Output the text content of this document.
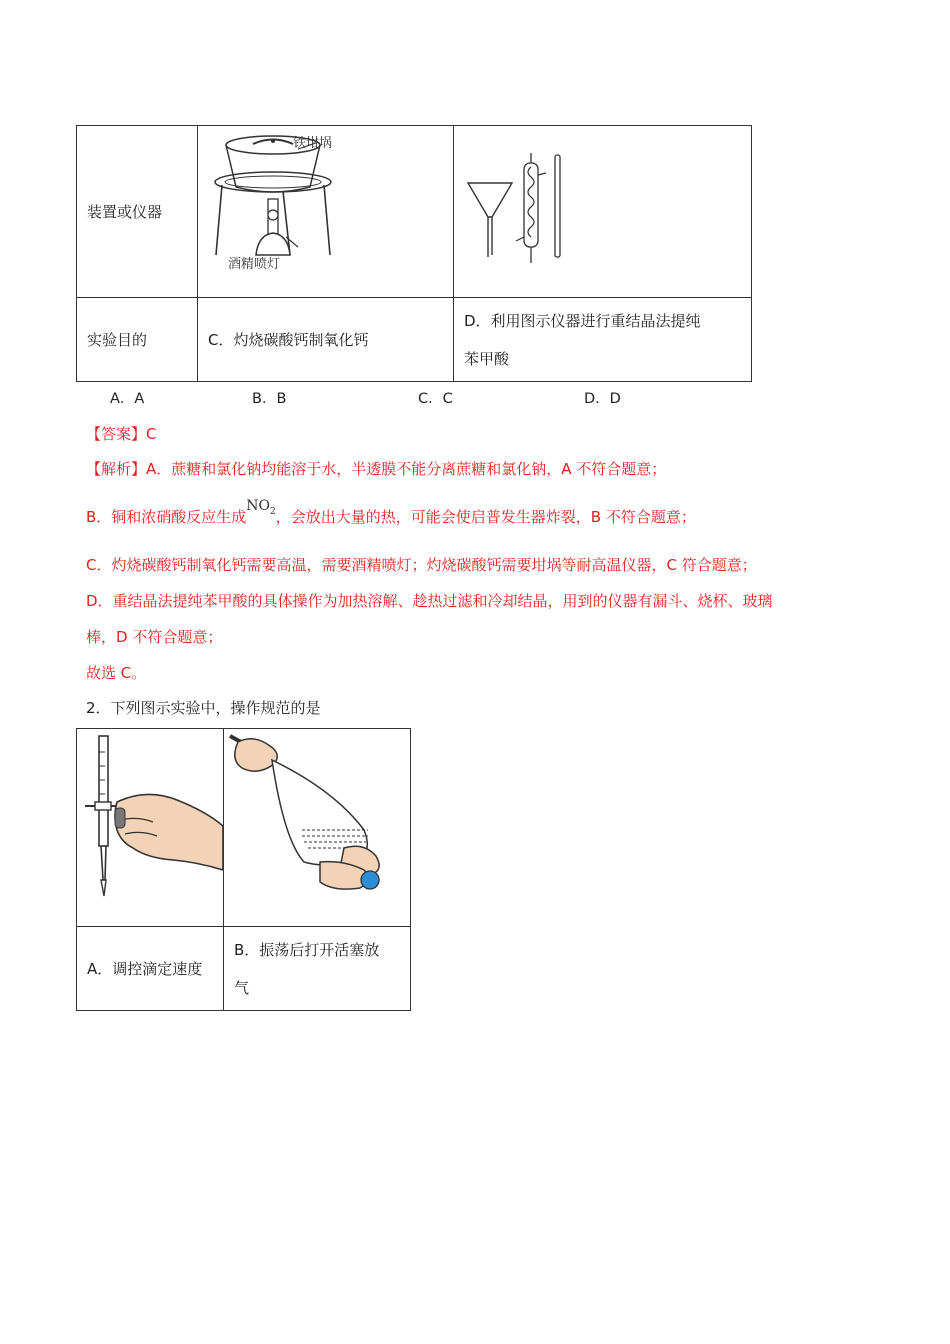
装置或仪器	铁坩埚
酒精喷灯

实验目的	C．灼烧碳酸钙制氧化钙	D．利用图示仪器进行重结晶法提纯
苯甲酸
A．A	B．B	C．C	D．D
【答案】C
【解析】A．蔗糖和氯化钠均能溶于水，半透膜不能分离蔗糖和氯化钠，A 不符合题意；
B．铜和浓硝酸反应生成$NO_2$，会放出大量的热，可能会使启普发生器炸裂，B 不符合题意；
C．灼烧碳酸钙制氧化钙需要高温，需要酒精喷灯；灼烧碳酸钙需要坩埚等耐高温仪器，C 符合题意；
D．重结晶法提纯苯甲酸的具体操作为加热溶解、趁热过滤和冷却结晶，用到的仪器有漏斗、烧杯、玻璃
棒，D 不符合题意；
故选 C。
2．下列图示实验中，操作规范的是

A．调控滴定速度	B．振荡后打开活塞放
气
